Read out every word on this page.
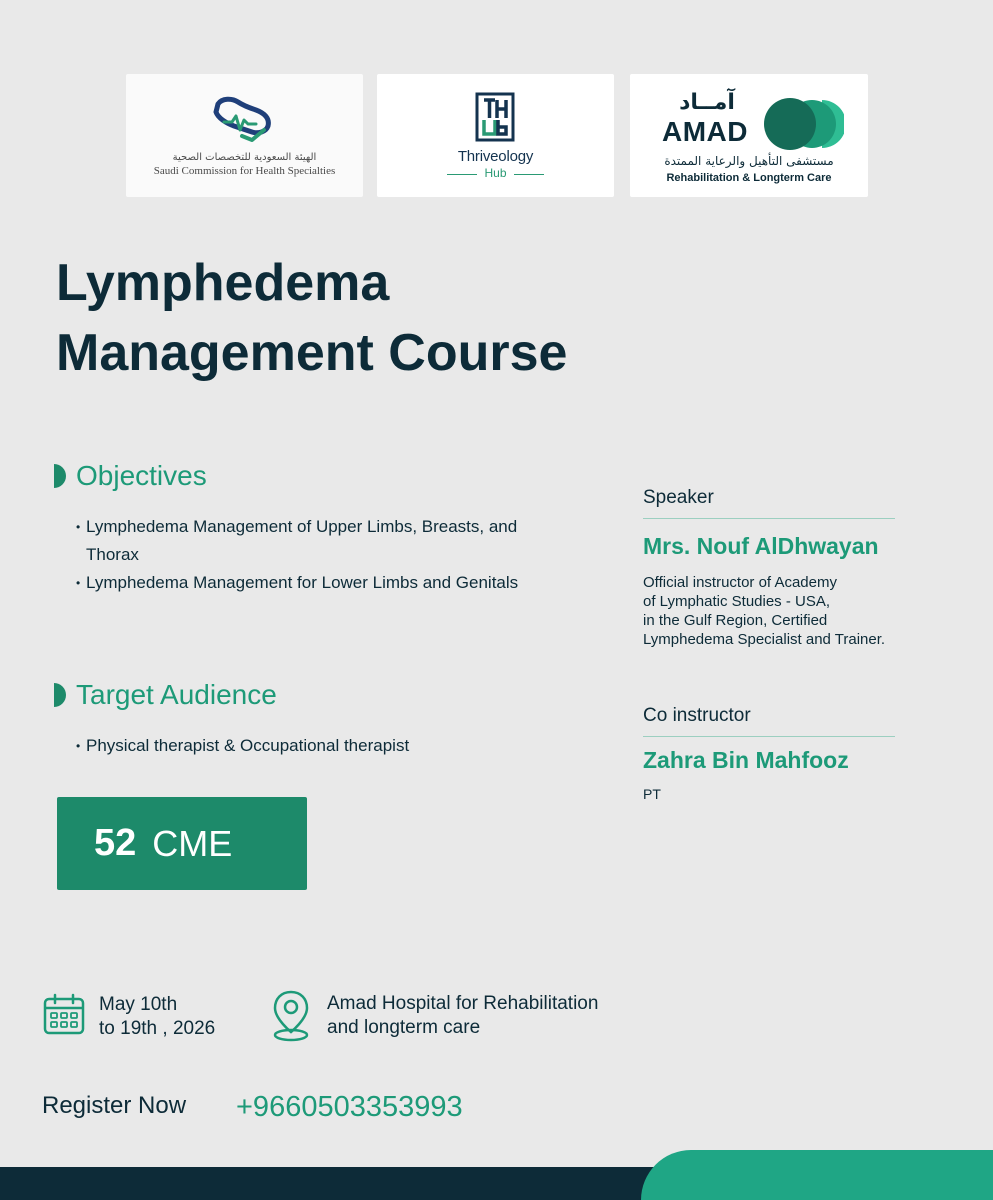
الهيئة السعودية للتخصصات الصحية
Saudi Commission for Health Specialties
Thriveology
Hub
آمــاد
AMAD
مستشفى التأهيل والرعاية الممتدة
Rehabilitation & Longterm Care
Lymphedema
Management Course
Objectives
• Lymphedema Management of Upper Limbs, Breasts, and Thorax
• Lymphedema Management for Lower Limbs and Genitals
Target Audience
• Physical therapist & Occupational therapist
52 CME
Speaker
Mrs. Nouf AlDhwayan
Official instructor of Academy
of Lymphatic Studies - USA,
in the Gulf Region, Certified
Lymphedema Specialist and Trainer.
Co instructor
Zahra Bin Mahfooz
PT
May 10th
to 19th , 2026
Amad Hospital for Rehabilitation
and longterm care
Register Now +9660503353993
